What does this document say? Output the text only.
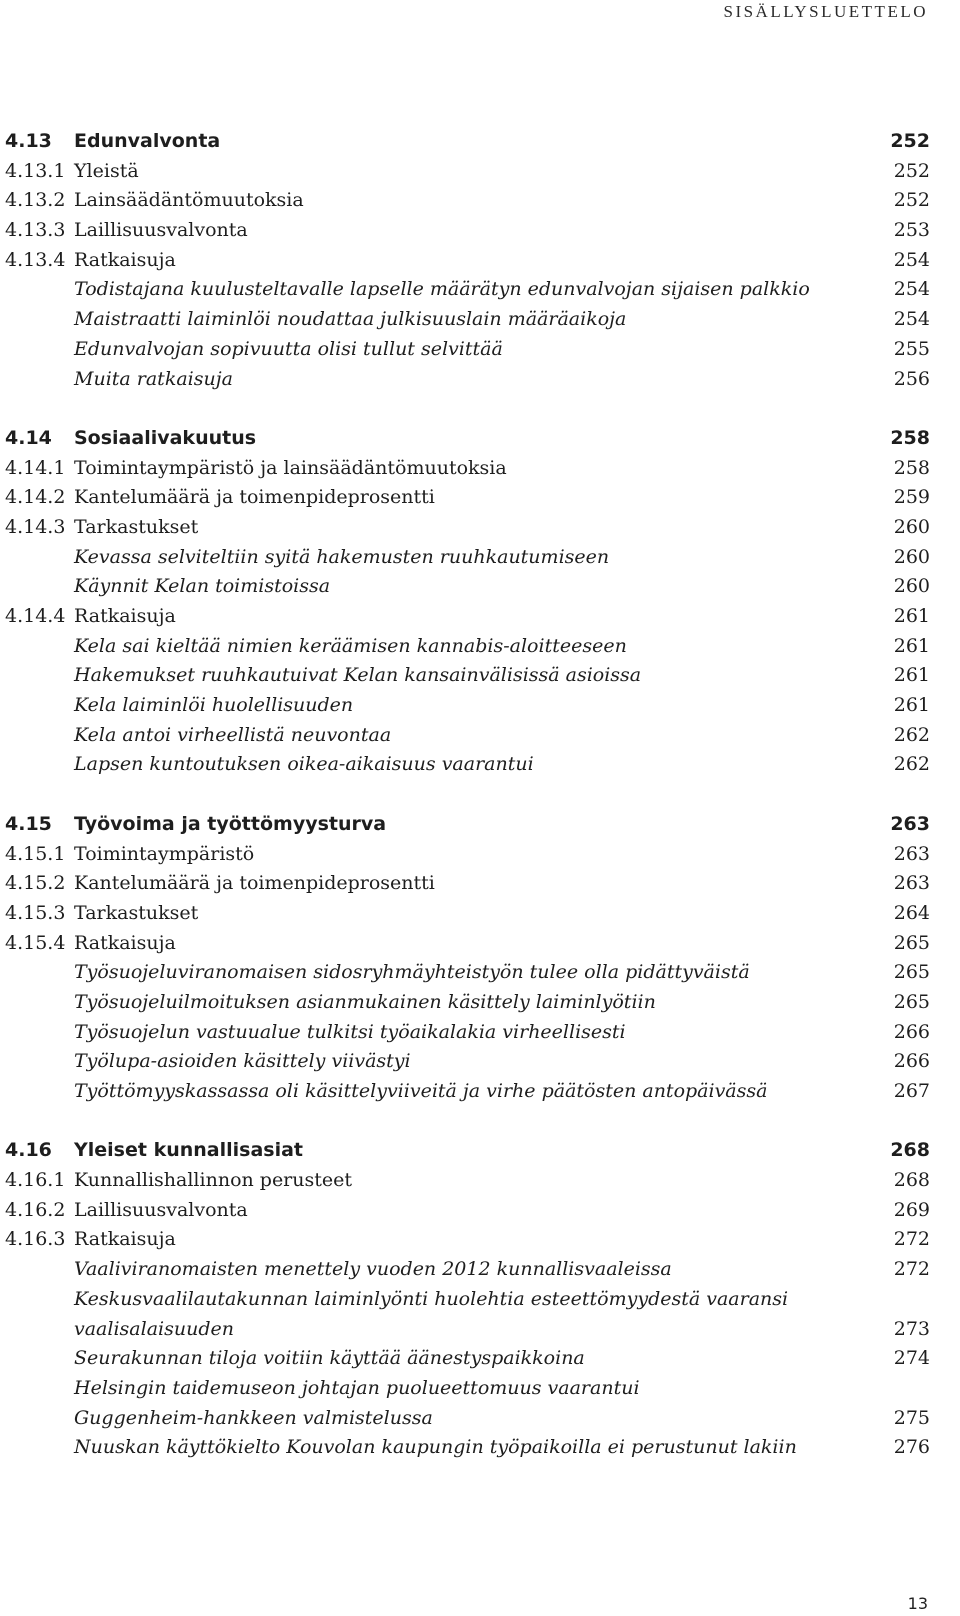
SISÄLLYSLUETTELO
4.13 Edunvalvonta	252
4.13.1 Yleistä	252
4.13.2 Lainsäädäntömuutoksia	252
4.13.3 Laillisuusvalvonta	253
4.13.4 Ratkaisuja	254
Todistajana kuulusteltavalle lapselle määrätyn edunvalvojan sijaisen palkkio	254
Maistraatti laiminlöi noudattaa julkisuuslain määräaikoja	254
Edunvalvojan sopivuutta olisi tullut selvittää	255
Muita ratkaisuja	256
4.14 Sosiaalivakuutus	258
4.14.1 Toimintaympäristö ja lainsäädäntömuutoksia	258
4.14.2 Kantelumäärä ja toimenpideprosentti	259
4.14.3 Tarkastukset	260
Kevassa selviteltiin syitä hakemusten ruuhkautumiseen	260
Käynnit Kelan toimistoissa	260
4.14.4 Ratkaisuja	261
Kela sai kieltää nimien keräämisen kannabis-aloitteeseen	261
Hakemukset ruuhkautuivat Kelan kansainvälisissä asioissa	261
Kela laiminlöi huolellisuuden	261
Kela antoi virheellistä neuvontaa	262
Lapsen kuntoutuksen oikea-aikaisuus vaarantui	262
4.15 Työvoima ja työttömyysturva	263
4.15.1 Toimintaympäristö	263
4.15.2 Kantelumäärä ja toimenpideprosentti	263
4.15.3 Tarkastukset	264
4.15.4 Ratkaisuja	265
Työsuojeluviranomaisen sidosryhmäyhteistyön tulee olla pidättyväistä	265
Työsuojeluilmoituksen asianmukainen käsittely laiminlyötiin	265
Työsuojelun vastuualue tulkitsi työaikalakia virheellisesti	266
Työlupa-asioiden käsittely viivästyi	266
Työttömyyskassassa oli käsittelyviiveitä ja virhe päätösten antopäivässä	267
4.16 Yleiset kunnallisasiat	268
4.16.1 Kunnallishallinnon perusteet	268
4.16.2 Laillisuusvalvonta	269
4.16.3 Ratkaisuja	272
Vaaliviranomaisten menettely vuoden 2012 kunnallisvaaleissa	272
Keskusvaalilautakunnan laiminlyönti huolehtia esteettömyydestä vaaransi
vaalisalaisuuden	273
Seurakunnan tiloja voitiin käyttää äänestyspaikkoina	274
Helsingin taidemuseon johtajan puolueettomuus vaarantui
Guggenheim-hankkeen valmistelussa	275
Nuuskan käyttökielto Kouvolan kaupungin työpaikoilla ei perustunut lakiin	276
13
